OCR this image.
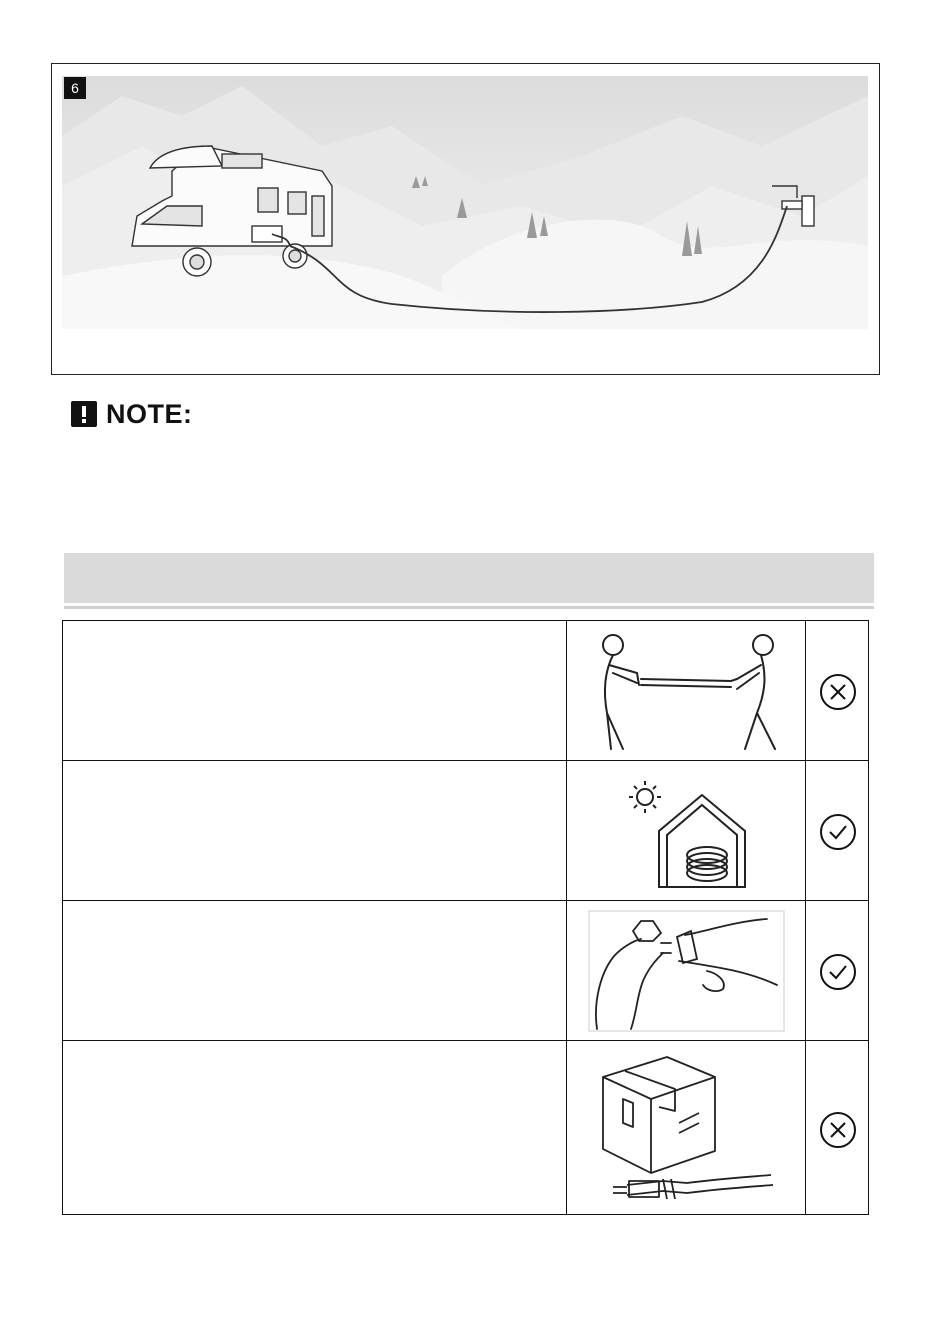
6
NOTE:
